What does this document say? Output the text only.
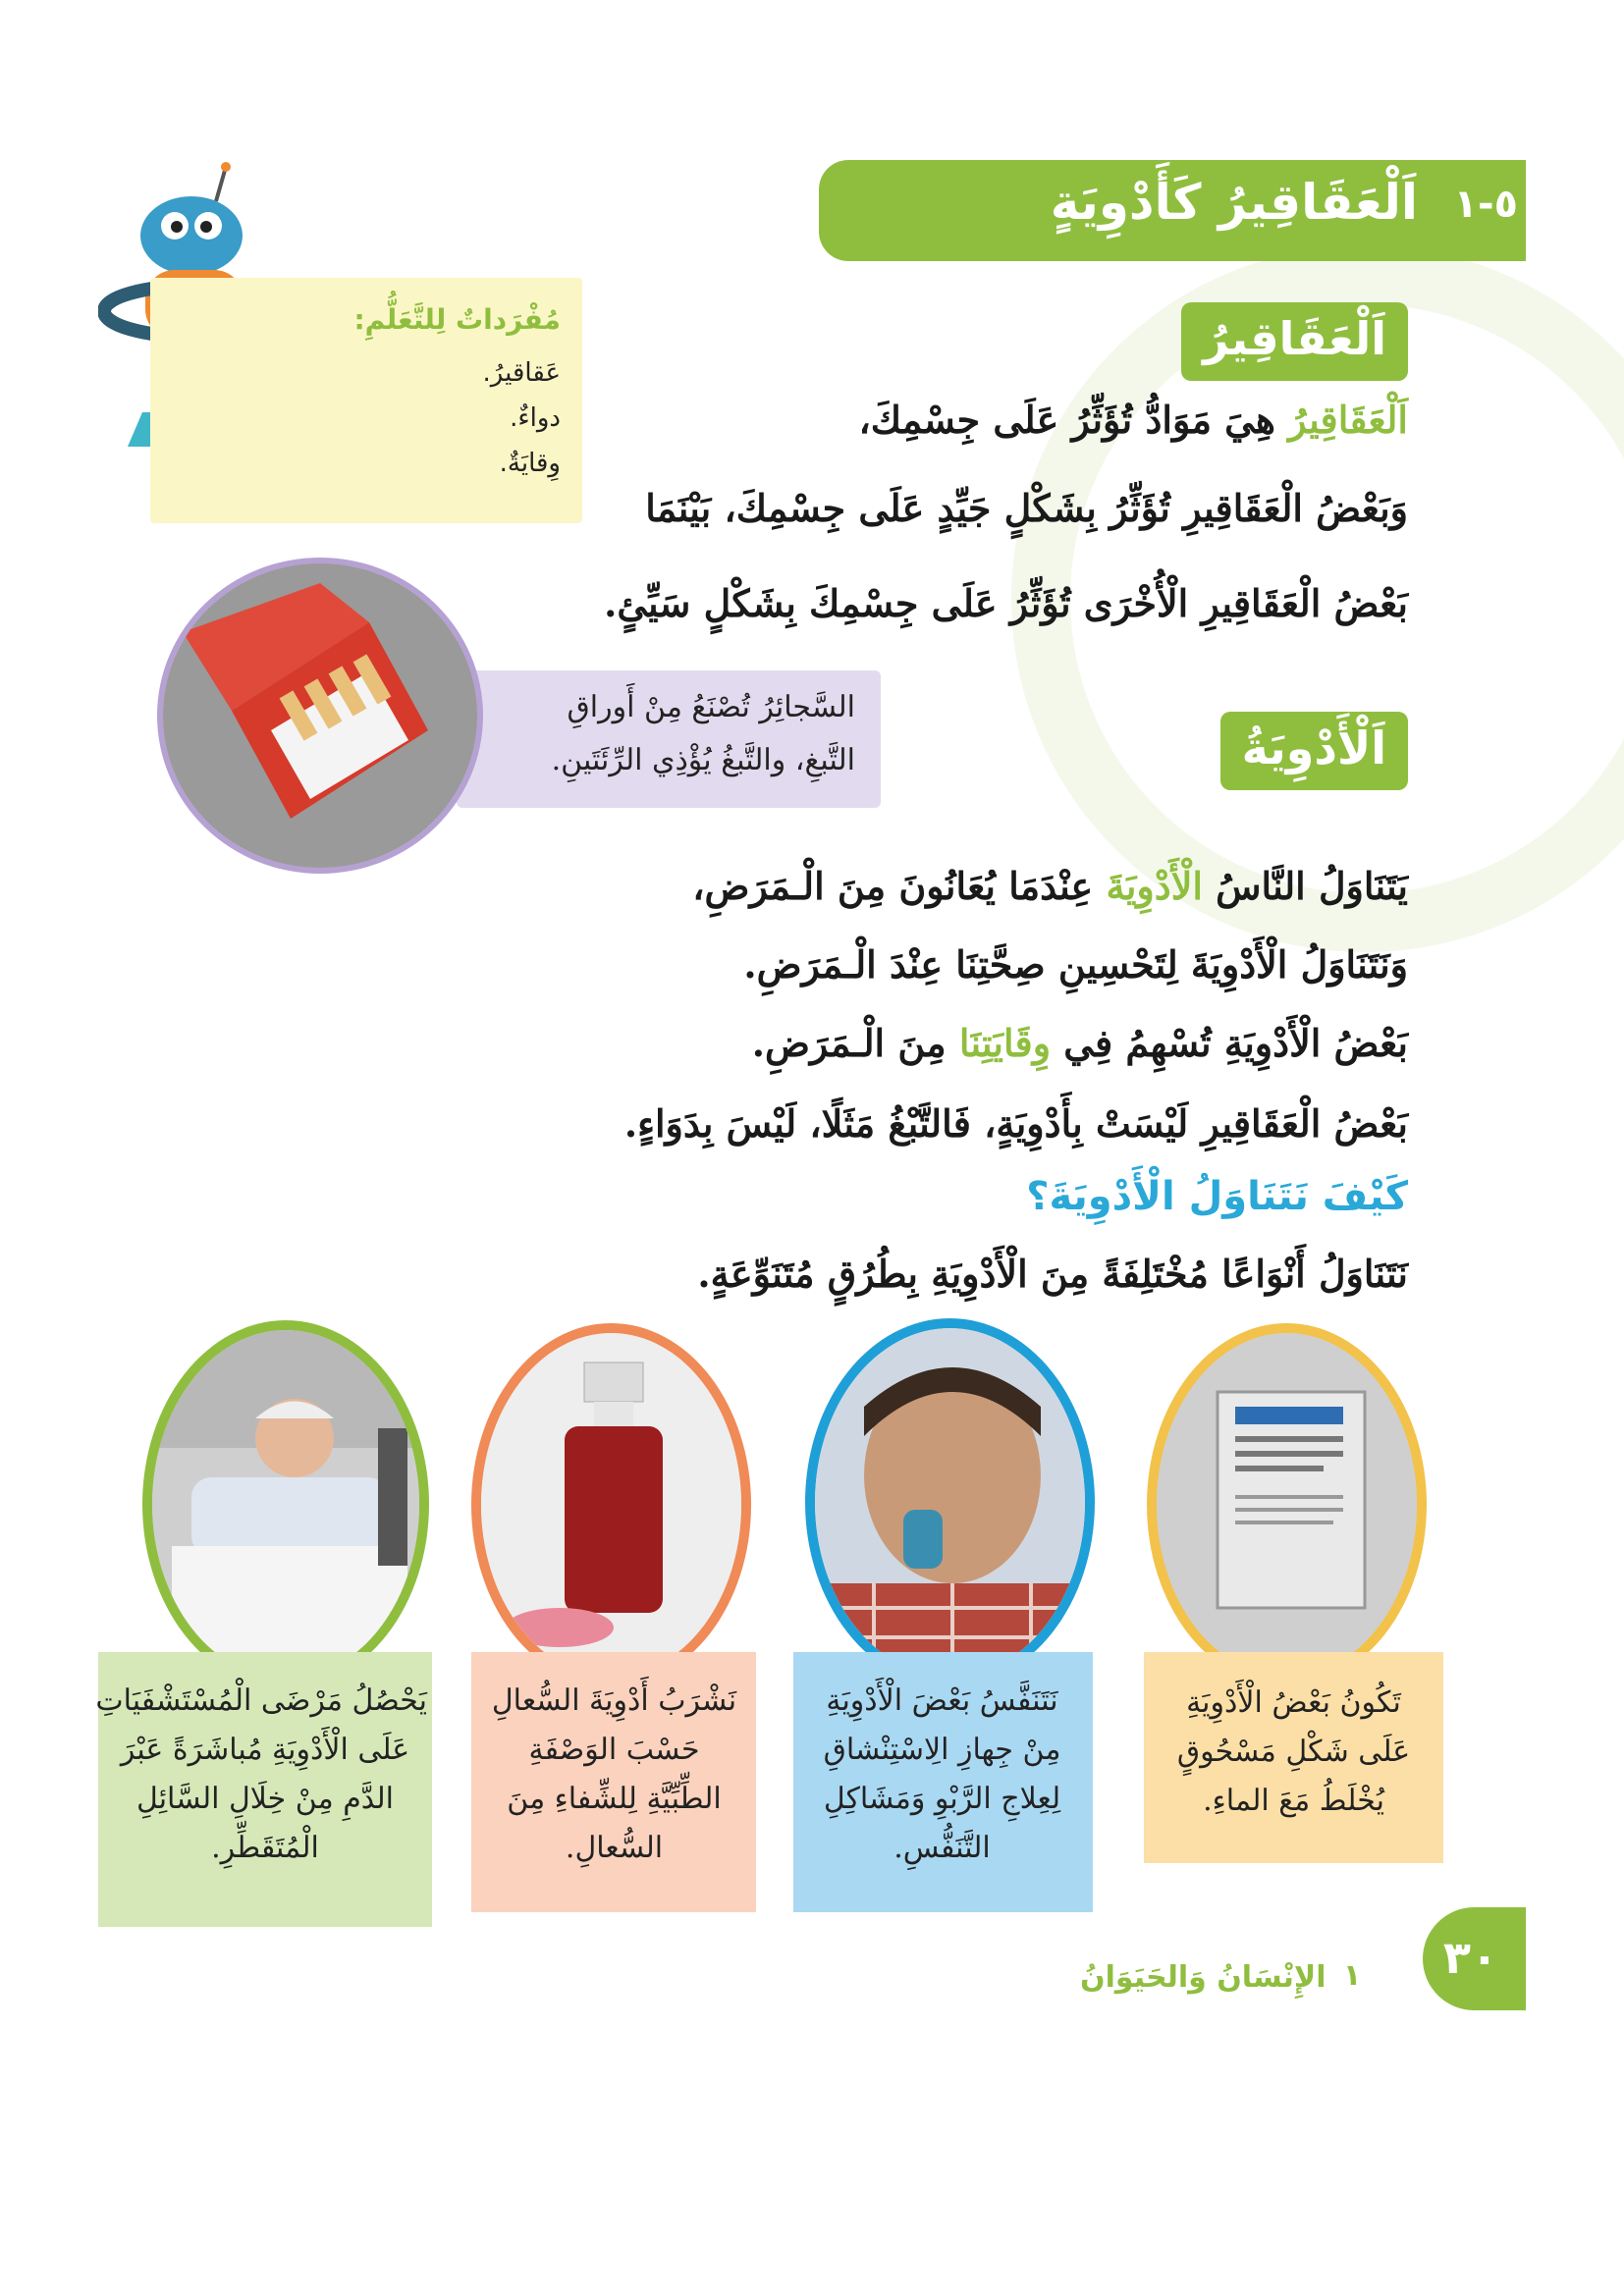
اَلْعَقَاقِيرُ كَأَدْوِيَةٍ ٥-١
مُفْرَداتٌ لِلتَّعَلُّمِ:
عَقاقيرُ.
دواءٌ.
وِقايَةٌ.
اَلْعَقَاقِيرُ
اَلْعَقَاقِيرُ هِيَ مَوَادُّ تُؤَثِّرُ عَلَى جِسْمِكَ،
وَبَعْضُ الْعَقَاقِيرِ تُؤَثِّرُ بِشَكْلٍ جَيِّدٍ عَلَى جِسْمِكَ، بَيْنَمَا
بَعْضُ الْعَقَاقِيرِ الْأُخْرَى تُؤَثِّرُ عَلَى جِسْمِكَ بِشَكْلٍ سَيِّئٍ.
السَّجائِرُ تُصْنَعُ مِنْ أَوراقِ
التَّبغِ، والتَّبغُ يُؤْذِي الرِّئَتَينِ.	اَلْأَدْوِيَةُ
يَتَنَاوَلُ النَّاسُ الْأَدْوِيَةَ عِنْدَمَا يُعَانُونَ مِنَ الْـمَرَضِ،
وَنَتَنَاوَلُ الْأَدْوِيَةَ لِتَحْسِينِ صِحَّتِنَا عِنْدَ الْـمَرَضِ.
بَعْضُ الْأَدْوِيَةِ تُسْهِمُ فِي وِقَايَتِنَا مِنَ الْـمَرَضِ.
بَعْضُ الْعَقَاقِيرِ لَيْسَتْ بِأَدْوِيَةٍ، فَالتَّبْغُ مَثَلًا، لَيْسَ بِدَوَاءٍ.
كَيْفَ نَتَنَاوَلُ الْأَدْوِيَةَ؟
نَتَنَاوَلُ أَنْوَاعًا مُخْتَلِفَةً مِنَ الْأَدْوِيَةِ بِطُرُقٍ مُتَنَوِّعَةٍ.
تَكُونُ بَعْضُ الْأَدْوِيَةِ
عَلَى شَكْلِ مَسْحُوقٍ
يُخْلَطُ مَعَ الماءِ.
نَتَنَفَّسُ بَعْضَ الْأَدْوِيَةِ
مِنْ جِهازِ الِاسْتِنْشاقِ
لِعِلاجِ الرَّبْوِ وَمَشَاكِلِ
التَّنَفُّسِ.
نَشْرَبُ أَدْوِيَةَ السُّعالِ
حَسْبَ الوَصْفَةِ
الطِّبِّيَّةِ لِلشِّفاءِ مِنَ
السُّعالِ.
يَحْصُلُ مَرْضَى الْمُسْتَشْفَيَاتِ
عَلَى الْأَدْوِيَةِ مُباشَرَةً عَبْرَ
الدَّمِ مِنْ خِلَالِ السَّائِلِ
الْمُتَقَطِّرِ.
٣٠
١
الإِنْسَانُ وَالحَيَوَانُ
